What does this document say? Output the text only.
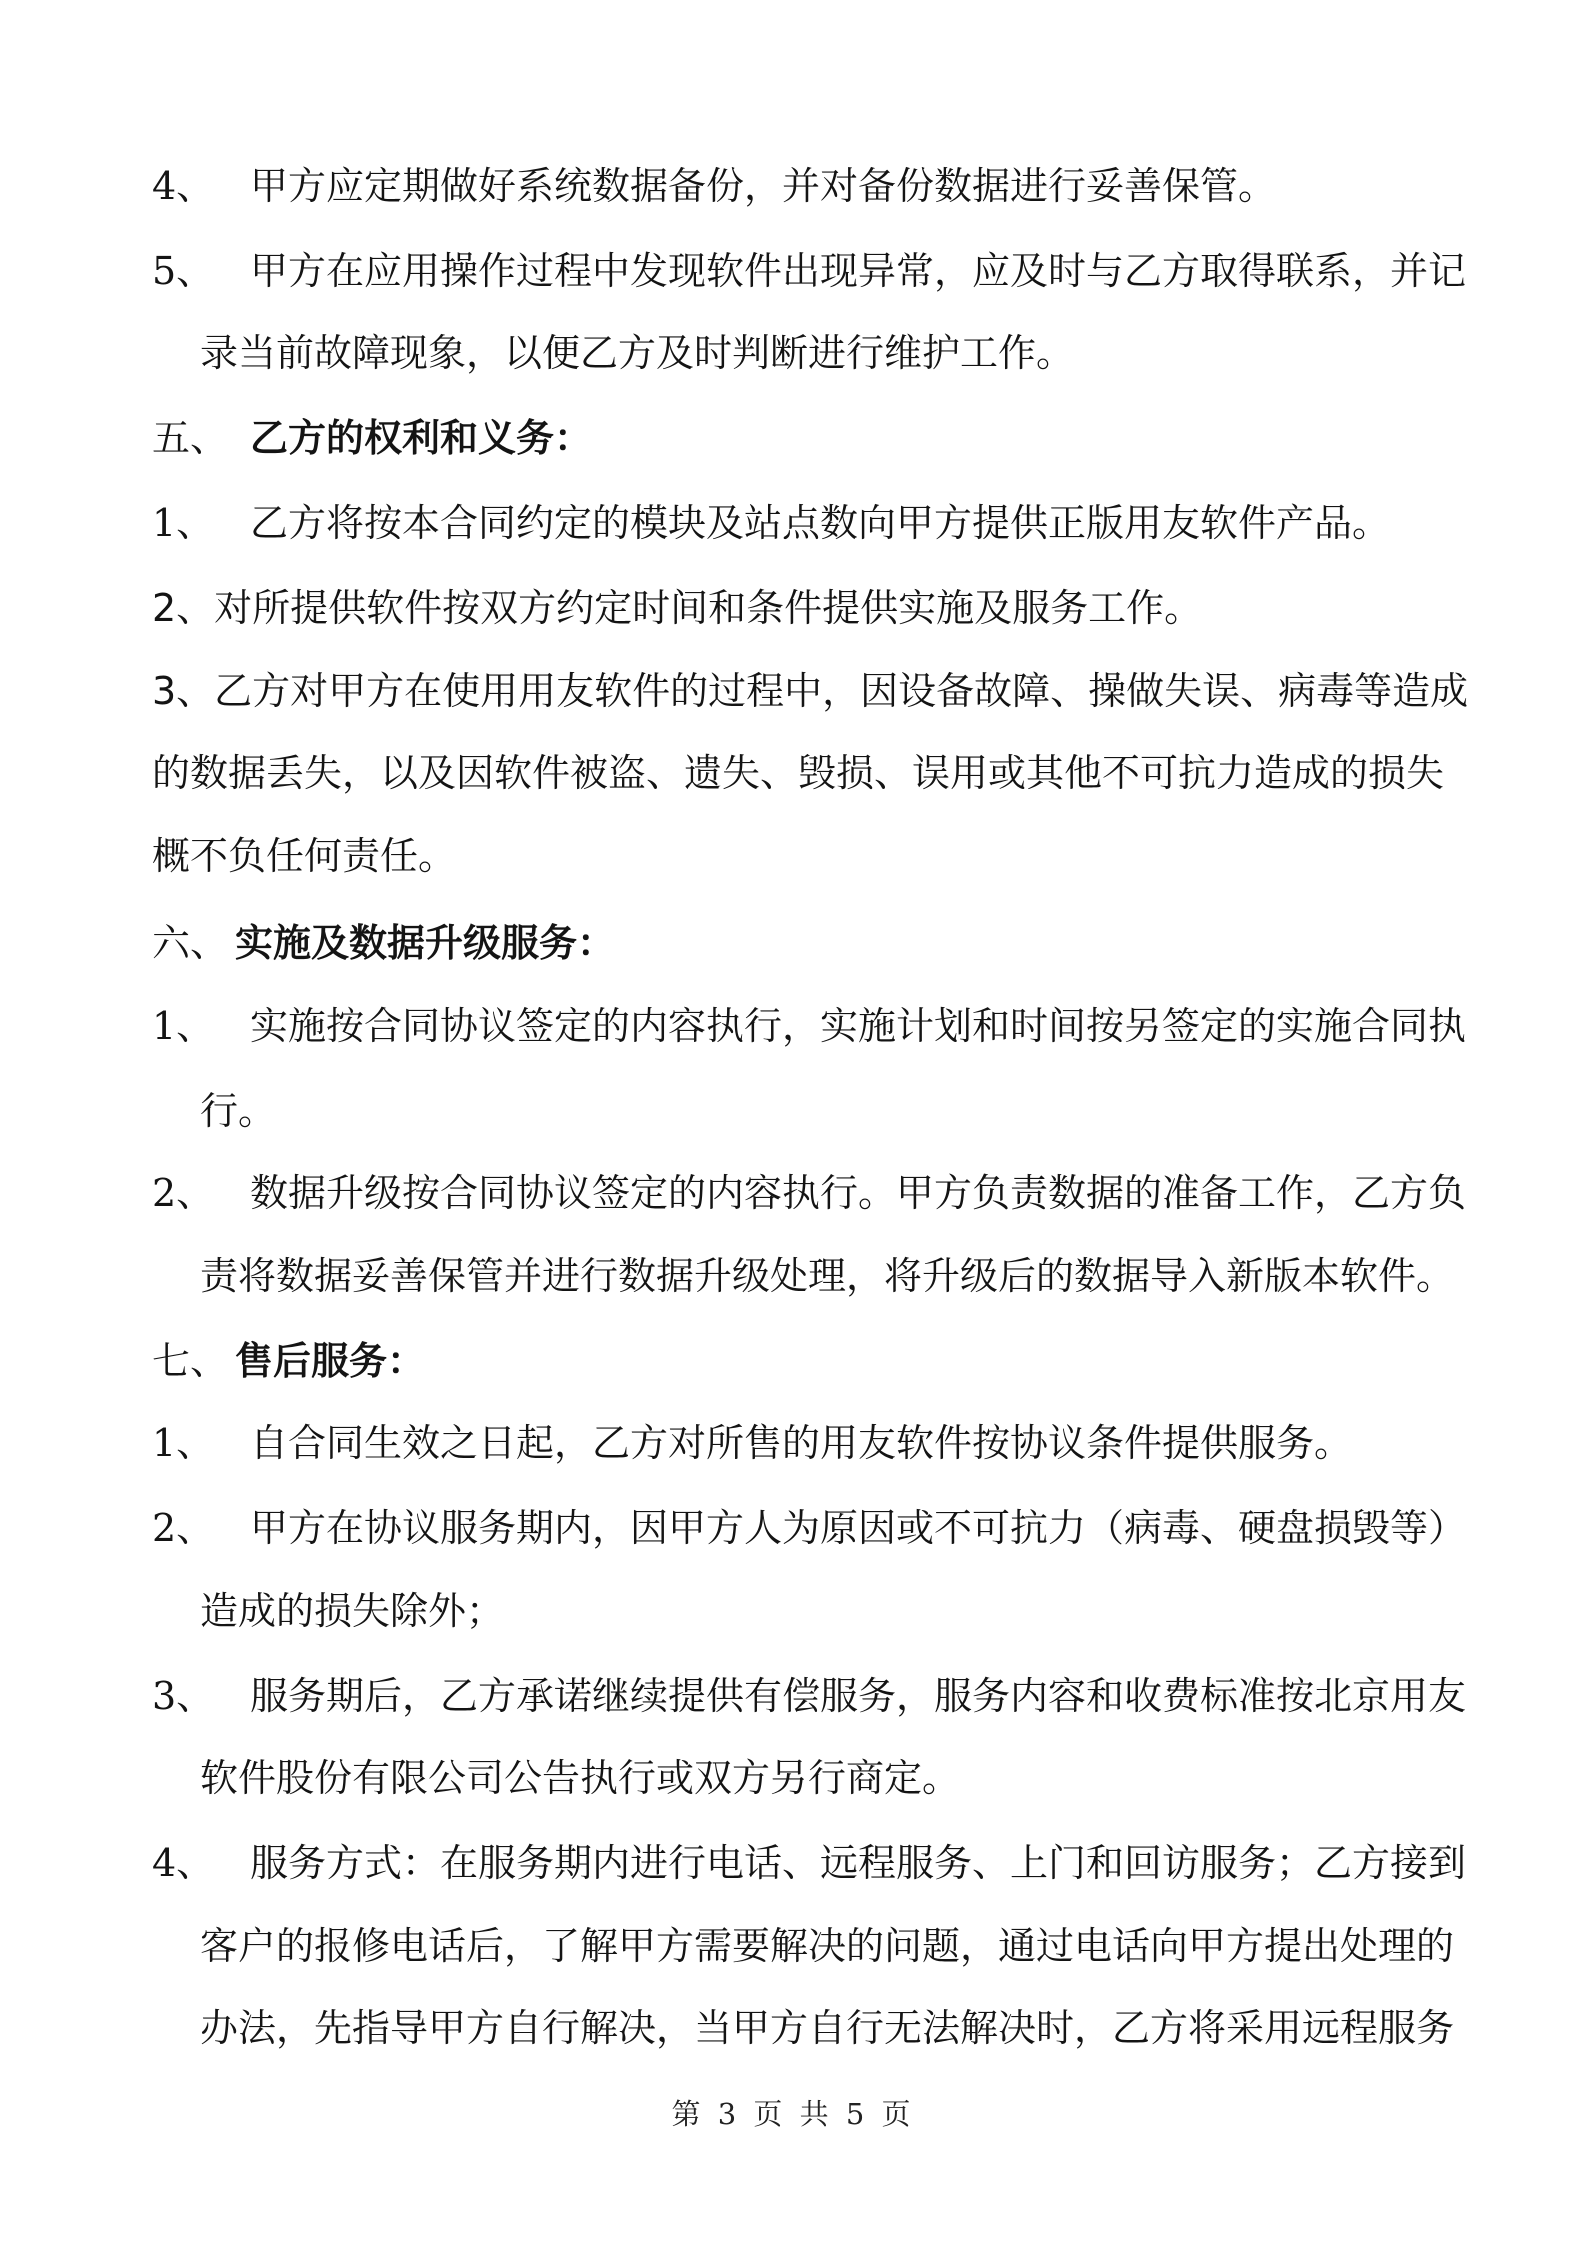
4、 甲方应定期做好系统数据备份，并对备份数据进行妥善保管。
5、 甲方在应用操作过程中发现软件出现异常，应及时与乙方取得联系，并记
录当前故障现象，以便乙方及时判断进行维护工作。
五、 乙方的权利和义务：
1、 乙方将按本合同约定的模块及站点数向甲方提供正版用友软件产品。
2、对所提供软件按双方约定时间和条件提供实施及服务工作。
3、乙方对甲方在使用用友软件的过程中，因设备故障、操做失误、病毒等造成
的数据丢失，以及因软件被盗、遗失、毁损、误用或其他不可抗力造成的损失
概不负任何责任。
六、 实施及数据升级服务：
1、 实施按合同协议签定的内容执行，实施计划和时间按另签定的实施合同执
行。
2、 数据升级按合同协议签定的内容执行。甲方负责数据的准备工作，乙方负
责将数据妥善保管并进行数据升级处理，将升级后的数据导入新版本软件。
七、 售后服务：
1、 自合同生效之日起，乙方对所售的用友软件按协议条件提供服务。
2、 甲方在协议服务期内，因甲方人为原因或不可抗力（病毒、硬盘损毁等）
造成的损失除外；
3、 服务期后，乙方承诺继续提供有偿服务，服务内容和收费标准按北京用友
软件股份有限公司公告执行或双方另行商定。
4、 服务方式：在服务期内进行电话、远程服务、上门和回访服务；乙方接到
客户的报修电话后，了解甲方需要解决的问题，通过电话向甲方提出处理的
办法，先指导甲方自行解决，当甲方自行无法解决时，乙方将采用远程服务
第 3 页 共 5 页
